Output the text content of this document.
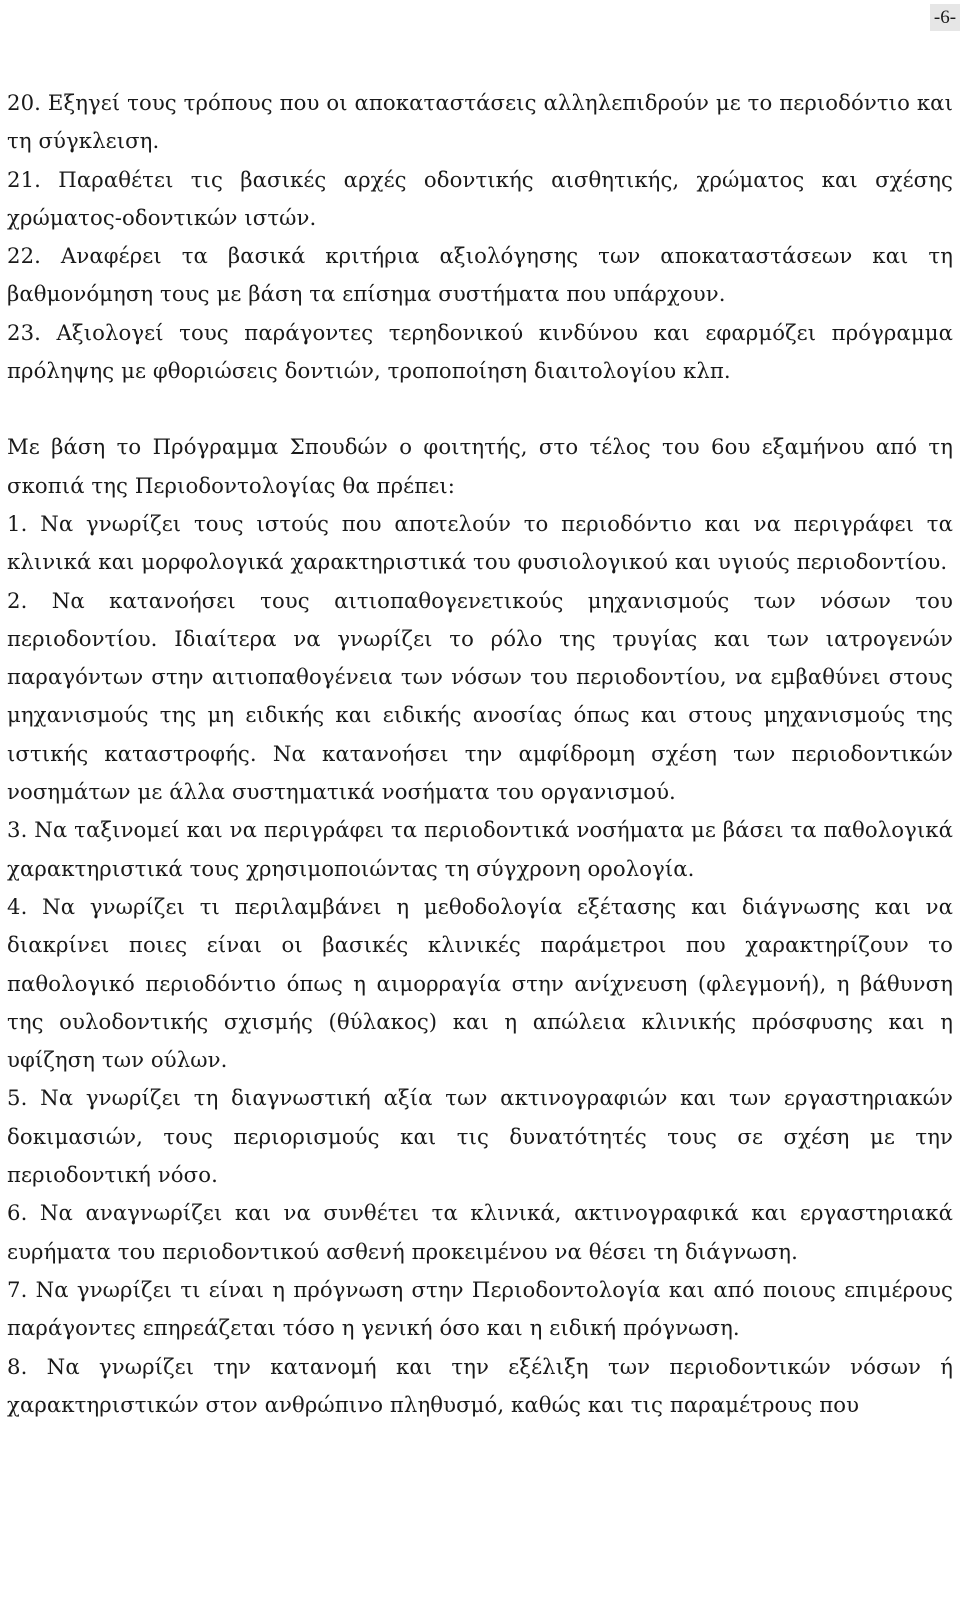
-6-

20. Εξηγεί τους τρόπους που οι αποκαταστάσεις αλληλεπιδρούν με το περιοδόντιο και τη σύγκλειση.

21. Παραθέτει τις βασικές αρχές οδοντικής αισθητικής, χρώματος και σχέσης χρώματος-οδοντικών ιστών.

22. Αναφέρει τα βασικά κριτήρια αξιολόγησης των αποκαταστάσεων και τη βαθμονόμηση τους με βάση τα επίσημα συστήματα που υπάρχουν.

23. Αξιολογεί τους παράγοντες τερηδονικού κινδύνου και εφαρμόζει πρόγραμμα πρόληψης με φθοριώσεις δοντιών, τροποποίηση διαιτολογίου κλπ.

Με βάση το Πρόγραμμα Σπουδών ο φοιτητής, στο τέλος του 6ου εξαμήνου από τη σκοπιά της Περιοδοντολογίας θα πρέπει:

1. Να γνωρίζει τους ιστούς που αποτελούν το περιοδόντιο και να περιγράφει τα κλινικά και μορφολογικά χαρακτηριστικά του φυσιολογικού και υγιούς περιοδοντίου.

2. Να κατανοήσει τους αιτιοπαθογενετικούς μηχανισμούς των νόσων του περιοδοντίου. Ιδιαίτερα να γνωρίζει το ρόλο της τρυγίας και των ιατρογενών παραγόντων στην αιτιοπαθογένεια των νόσων του περιοδοντίου, να εμβαθύνει στους μηχανισμούς της μη ειδικής και ειδικής ανοσίας όπως και στους μηχανισμούς της ιστικής καταστροφής. Να κατανοήσει την αμφίδρομη σχέση των περιοδοντικών νοσημάτων με άλλα συστηματικά νοσήματα του οργανισμού.

3. Να ταξινομεί και να περιγράφει τα περιοδοντικά νοσήματα με βάσει τα παθολογικά χαρακτηριστικά τους χρησιμοποιώντας τη σύγχρονη ορολογία.

4. Να γνωρίζει τι περιλαμβάνει η μεθοδολογία εξέτασης και διάγνωσης και να διακρίνει ποιες είναι οι βασικές κλινικές παράμετροι που χαρακτηρίζουν το παθολογικό περιοδόντιο όπως η αιμορραγία στην ανίχνευση (φλεγμονή), η βάθυνση της ουλοδοντικής σχισμής (θύλακος) και η απώλεια κλινικής πρόσφυσης και η υφίζηση των ούλων.

5. Να γνωρίζει τη διαγνωστική αξία των ακτινογραφιών και των εργαστηριακών δοκιμασιών, τους περιορισμούς και τις δυνατότητές τους σε σχέση με την περιοδοντική νόσο.

6. Να αναγνωρίζει και να συνθέτει τα κλινικά, ακτινογραφικά και εργαστηριακά ευρήματα του περιοδοντικού ασθενή προκειμένου να θέσει τη διάγνωση.

7. Να γνωρίζει τι είναι η πρόγνωση στην Περιοδοντολογία και από ποιους επιμέρους παράγοντες επηρεάζεται τόσο η γενική όσο και η ειδική πρόγνωση.

8. Να γνωρίζει την κατανομή και την εξέλιξη των περιοδοντικών νόσων ή χαρακτηριστικών στον ανθρώπινο πληθυσμό, καθώς και τις παραμέτρους που
